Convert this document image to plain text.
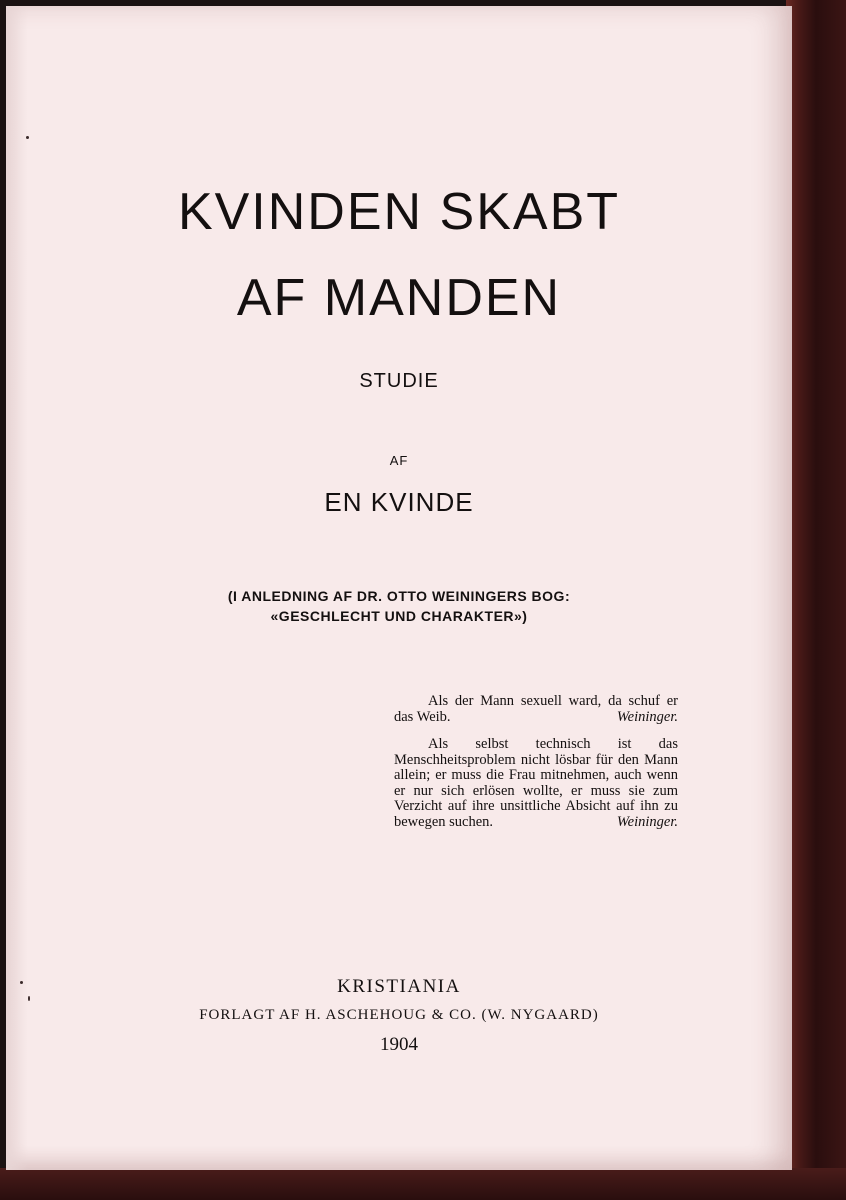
KVINDEN SKABT
AF MANDEN
STUDIE
AF
EN KVINDE
(I ANLEDNING AF DR. OTTO WEININGERS BOG:
«GESCHLECHT UND CHARAKTER»)

Als der Mann sexuell ward, da schuf er das Weib.	Weininger.

Als selbst technisch ist das Menschheitsproblem nicht lösbar für den Mann allein; er muss die Frau mitnehmen, auch wenn er nur sich erlösen wollte, er muss sie zum Verzicht auf ihre unsittliche Absicht auf ihn zu bewegen suchen.	Weininger.

KRISTIANIA
FORLAGT AF H. ASCHEHOUG & CO. (W. NYGAARD)
1904
